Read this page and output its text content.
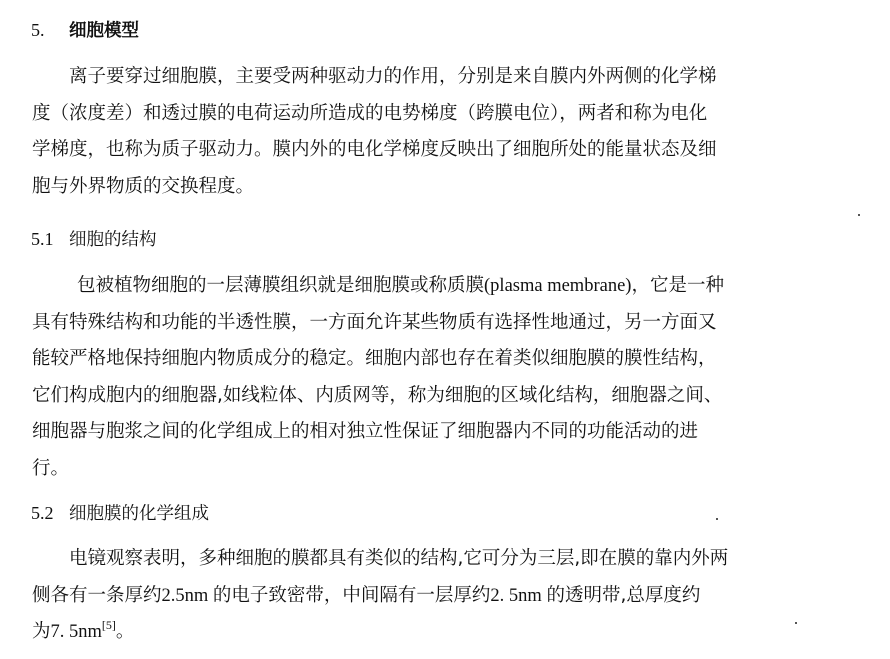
5. 细胞模型
离子要穿过细胞膜，主要受两种驱动力的作用，分别是来自膜内外两侧的化学梯
度（浓度差）和透过膜的电荷运动所造成的电势梯度（跨膜电位），两者和称为电化
学梯度，也称为质子驱动力。膜内外的电化学梯度反映出了细胞所处的能量状态及细
胞与外界物质的交换程度。
5.1 细胞的结构
包被植物细胞的一层薄膜组织就是细胞膜或称质膜(plasma membrane)，它是一种
具有特殊结构和功能的半透性膜，一方面允许某些物质有选择性地通过，另一方面又
能较严格地保持细胞内物质成分的稳定。细胞内部也存在着类似细胞膜的膜性结构，
它们构成胞内的细胞器,如线粒体、内质网等，称为细胞的区域化结构，细胞器之间、
细胞器与胞浆之间的化学组成上的相对独立性保证了细胞器内不同的功能活动的进
行。
5.2 细胞膜的化学组成
电镜观察表明，多种细胞的膜都具有类似的结构,它可分为三层,即在膜的靠内外两
侧各有一条厚约2.5nm 的电子致密带，中间隔有一层厚约2. 5nm 的透明带,总厚度约
为7. 5nm[5]。
